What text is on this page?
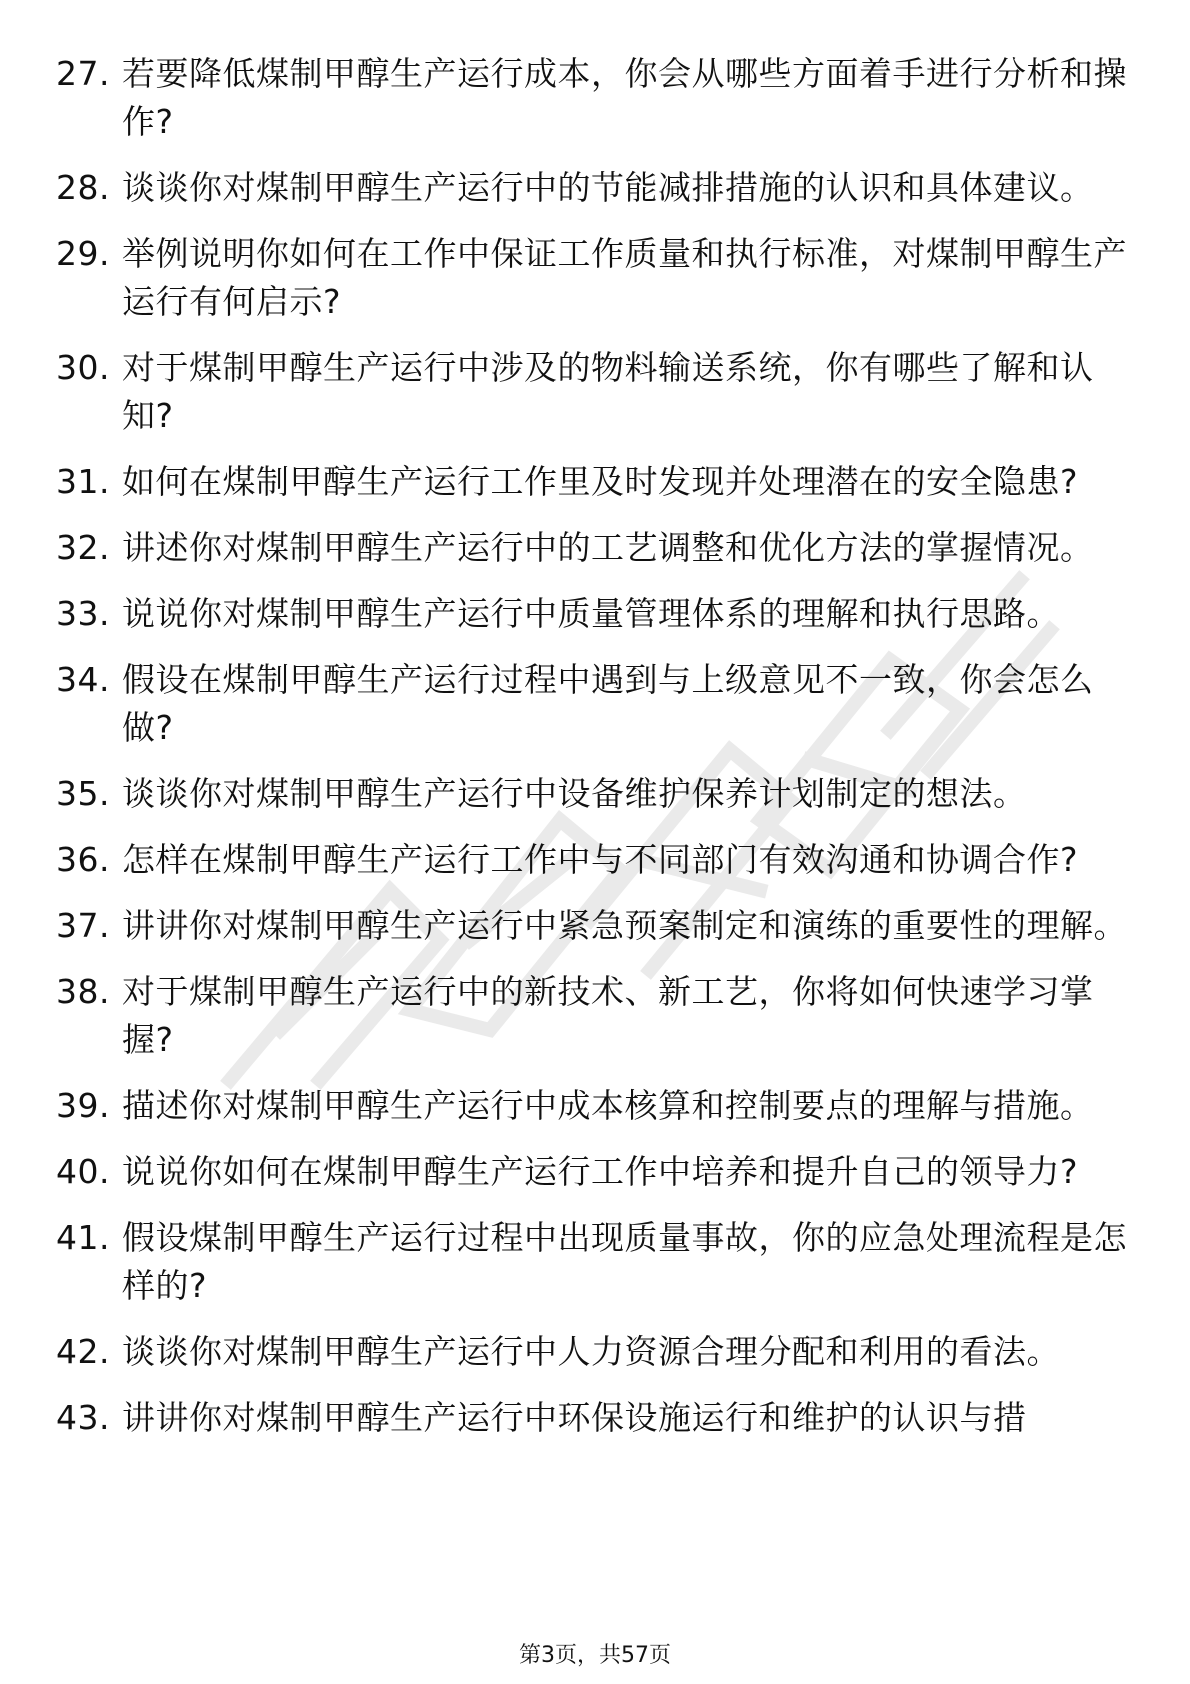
27. 若要降低煤制甲醇生产运行成本，你会从哪些方面着手进行分析和操作?
28. 谈谈你对煤制甲醇生产运行中的节能减排措施的认识和具体建议。
29. 举例说明你如何在工作中保证工作质量和执行标准，对煤制甲醇生产运行有何启示?
30. 对于煤制甲醇生产运行中涉及的物料输送系统，你有哪些了解和认知?
31. 如何在煤制甲醇生产运行工作里及时发现并处理潜在的安全隐患?
32. 讲述你对煤制甲醇生产运行中的工艺调整和优化方法的掌握情况。
33. 说说你对煤制甲醇生产运行中质量管理体系的理解和执行思路。
34. 假设在煤制甲醇生产运行过程中遇到与上级意见不一致，你会怎么做?
35. 谈谈你对煤制甲醇生产运行中设备维护保养计划制定的想法。
36. 怎样在煤制甲醇生产运行工作中与不同部门有效沟通和协调合作?
37. 讲讲你对煤制甲醇生产运行中紧急预案制定和演练的重要性的理解。
38. 对于煤制甲醇生产运行中的新技术、新工艺，你将如何快速学习掌握?
39. 描述你对煤制甲醇生产运行中成本核算和控制要点的理解与措施。
40. 说说你如何在煤制甲醇生产运行工作中培养和提升自己的领导力?
41. 假设煤制甲醇生产运行过程中出现质量事故，你的应急处理流程是怎样的?
42. 谈谈你对煤制甲醇生产运行中人力资源合理分配和利用的看法。
43. 讲讲你对煤制甲醇生产运行中环保设施运行和维护的认识与措
第3页，共57页
